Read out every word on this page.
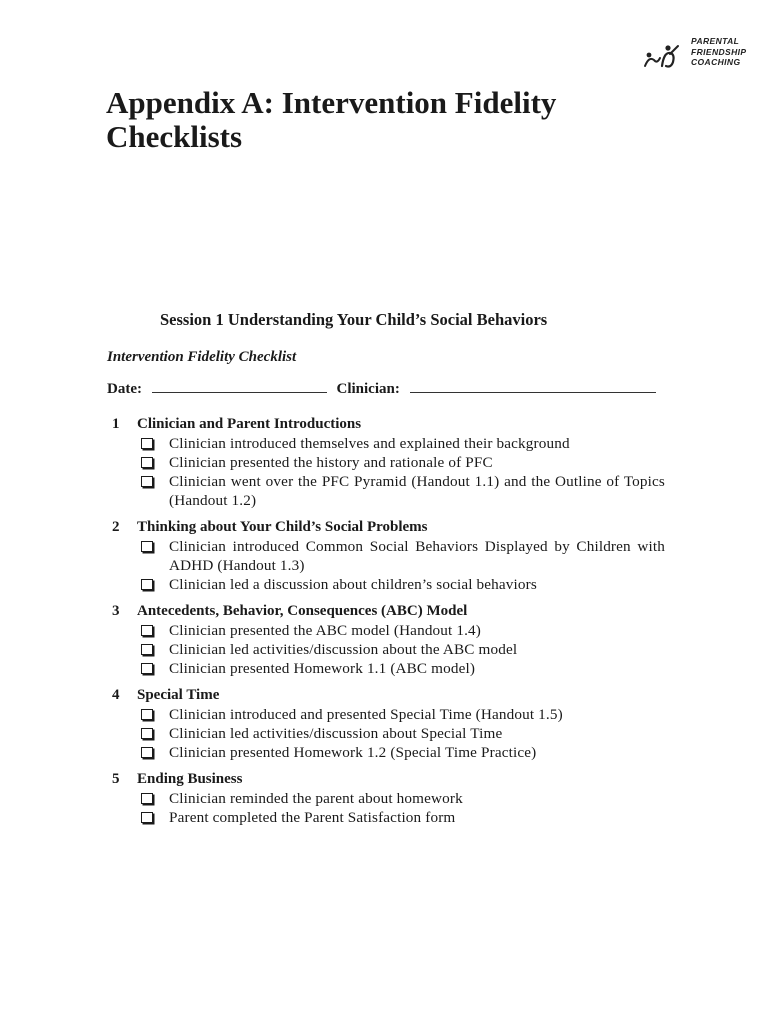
PARENTAL
FRIENDSHIP
COACHING
Appendix A: Intervention Fidelity
Checklists
Session 1 Understanding Your Child’s Social Behaviors
Intervention Fidelity Checklist
Date:	Clinician:
1	Clinician and Parent Introductions
Clinician introduced themselves and explained their background
Clinician presented the history and rationale of PFC
Clinician went over the PFC Pyramid (Handout 1.1) and the Outline of Topics (Handout 1.2)
2	Thinking about Your Child’s Social Problems
Clinician introduced Common Social Behaviors Displayed by Children with ADHD (Handout 1.3)
Clinician led a discussion about children’s social behaviors
3	Antecedents, Behavior, Consequences (ABC) Model
Clinician presented the ABC model (Handout 1.4)
Clinician led activities/discussion about the ABC model
Clinician presented Homework 1.1 (ABC model)
4	Special Time
Clinician introduced and presented Special Time (Handout 1.5)
Clinician led activities/discussion about Special Time
Clinician presented Homework 1.2 (Special Time Practice)
5	Ending Business
Clinician reminded the parent about homework
Parent completed the Parent Satisfaction form
